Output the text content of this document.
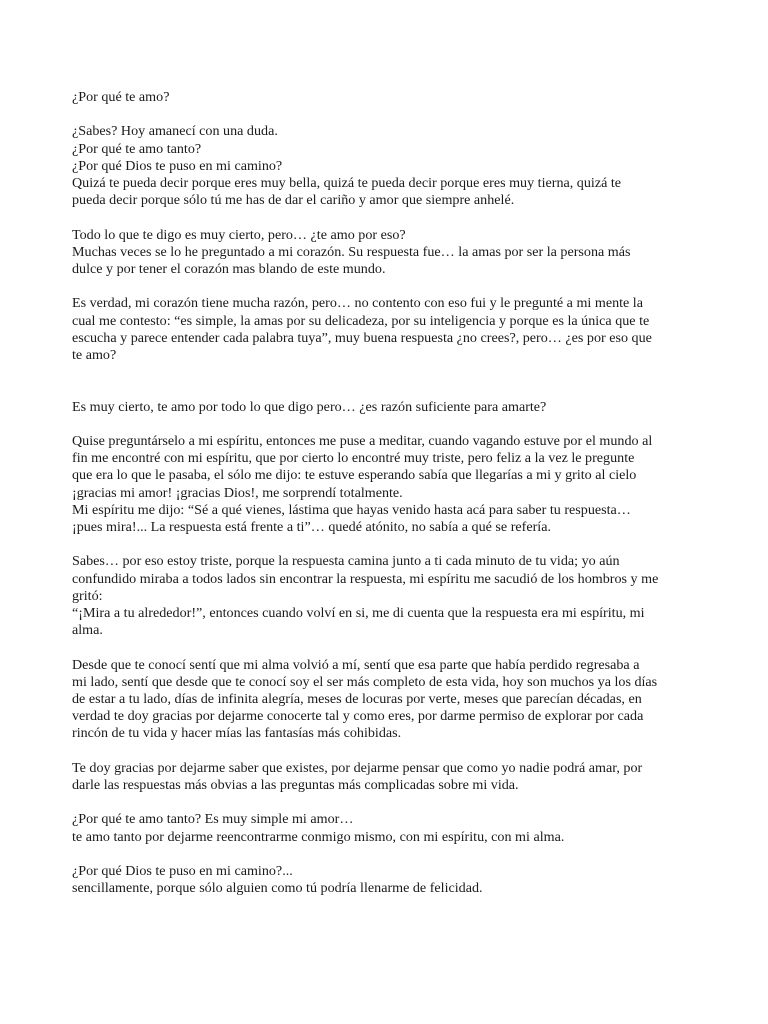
¿Por qué te amo?

¿Sabes? Hoy amanecí con una duda.
¿Por qué te amo tanto?
¿Por qué Dios te puso en mi camino?
Quizá te pueda decir porque eres muy bella, quizá te pueda decir porque eres muy tierna, quizá te
pueda decir porque sólo tú me has de dar el cariño y amor que siempre anhelé.

Todo lo que te digo es muy cierto, pero… ¿te amo por eso?
Muchas veces se lo he preguntado a mi corazón. Su respuesta fue… la amas por ser la persona más
dulce y por tener el corazón mas blando de este mundo.

Es verdad, mi corazón tiene mucha razón, pero… no contento con eso fui y le pregunté a mi mente la
cual me contesto: “es simple, la amas por su delicadeza, por su inteligencia y porque es la única que te
escucha y parece entender cada palabra tuya”, muy buena respuesta ¿no crees?, pero… ¿es por eso que
te amo?

Es muy cierto, te amo por todo lo que digo pero… ¿es razón suficiente para amarte?

Quise preguntárselo a mi espíritu, entonces me puse a meditar, cuando vagando estuve por el mundo al
fin me encontré con mi espíritu, que por cierto lo encontré muy triste, pero feliz a la vez le pregunte
que era lo que le pasaba, el sólo me dijo: te estuve esperando sabía que llegarías a mi y grito al cielo
¡gracias mi amor! ¡gracias Dios!, me sorprendí totalmente.
Mi espíritu me dijo: “Sé a qué vienes, lástima que hayas venido hasta acá para saber tu respuesta…
¡pues mira!... La respuesta está frente a ti”… quedé atónito, no sabía a qué se refería.

Sabes… por eso estoy triste, porque la respuesta camina junto a ti cada minuto de tu vida; yo aún
confundido miraba a todos lados sin encontrar la respuesta, mi espíritu me sacudió de los hombros y me
gritó:
“¡Mira a tu alrededor!”, entonces cuando volví en si, me di cuenta que la respuesta era mi espíritu, mi
alma.

Desde que te conocí sentí que mi alma volvió a mí, sentí que esa parte que había perdido regresaba a
mi lado, sentí que desde que te conocí soy el ser más completo de esta vida, hoy son muchos ya los días
de estar a tu lado, días de infinita alegría, meses de locuras por verte, meses que parecían décadas, en
verdad te doy gracias por dejarme conocerte tal y como eres, por darme permiso de explorar por cada
rincón de tu vida y hacer mías las fantasías más cohibidas.

Te doy gracias por dejarme saber que existes, por dejarme pensar que como yo nadie podrá amar, por
darle las respuestas más obvias a las preguntas más complicadas sobre mi vida.

¿Por qué te amo tanto? Es muy simple mi amor…
te amo tanto por dejarme reencontrarme conmigo mismo, con mi espíritu, con mi alma.

¿Por qué Dios te puso en mi camino?...
sencillamente, porque sólo alguien como tú podría llenarme de felicidad.
